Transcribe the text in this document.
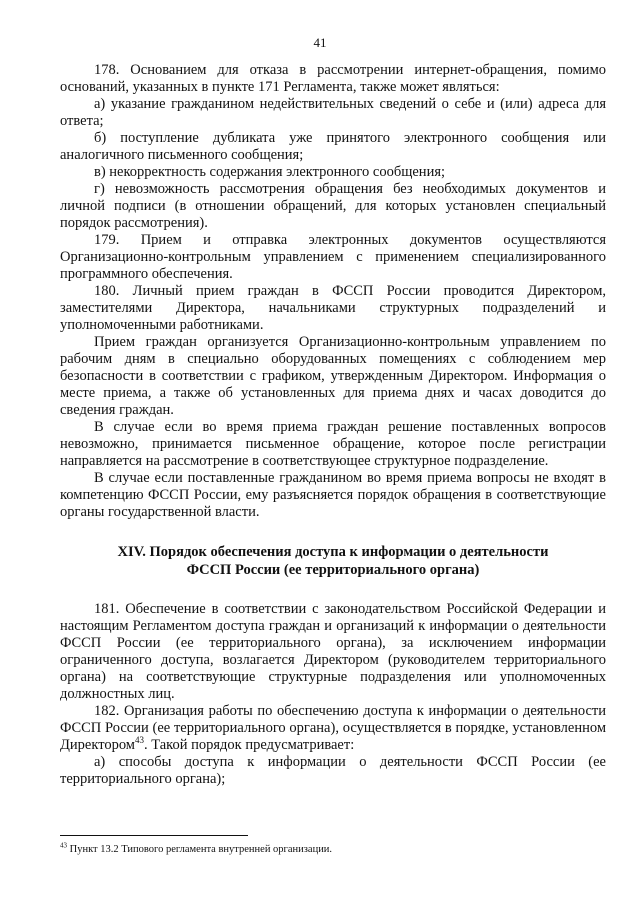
41

178. Основанием для отказа в рассмотрении интернет-обращения, помимо оснований, указанных в пункте 171 Регламента, также может являться:

а) указание гражданином недействительных сведений о себе и (или) адреса для ответа;

б) поступление дубликата уже принятого электронного сообщения или аналогичного письменного сообщения;

в) некорректность содержания электронного сообщения;

г) невозможность рассмотрения обращения без необходимых документов и личной подписи (в отношении обращений, для которых установлен специальный порядок рассмотрения).

179. Прием и отправка электронных документов осуществляются Организационно-контрольным управлением с применением специализированного программного обеспечения.

180. Личный прием граждан в ФССП России проводится Директором, заместителями Директора, начальниками структурных подразделений и уполномоченными работниками.

Прием граждан организуется Организационно-контрольным управлением по рабочим дням в специально оборудованных помещениях с соблюдением мер безопасности в соответствии с графиком, утвержденным Директором. Информация о месте приема, а также об установленных для приема днях и часах доводится до сведения граждан.

В случае если во время приема граждан решение поставленных вопросов невозможно, принимается письменное обращение, которое после регистрации направляется на рассмотрение в соответствующее структурное подразделение.

В случае если поставленные гражданином во время приема вопросы не входят в компетенцию ФССП России, ему разъясняется порядок обращения в соответствующие органы государственной власти.

XIV. Порядок обеспечения доступа к информации о деятельности
ФССП России (ее территориального органа)

181. Обеспечение в соответствии с законодательством Российской Федерации и настоящим Регламентом доступа граждан и организаций к информации о деятельности ФССП России (ее территориального органа), за исключением информации ограниченного доступа, возлагается Директором (руководителем территориального органа) на соответствующие структурные подразделения или уполномоченных должностных лиц.

182. Организация работы по обеспечению доступа к информации о деятельности ФССП России (ее территориального органа), осуществляется в порядке, установленном Директором$^{43}$. Такой порядок предусматривает:

а) способы доступа к информации о деятельности ФССП России (ее территориального органа);

$^{43}$ Пункт 13.2 Типового регламента внутренней организации.
